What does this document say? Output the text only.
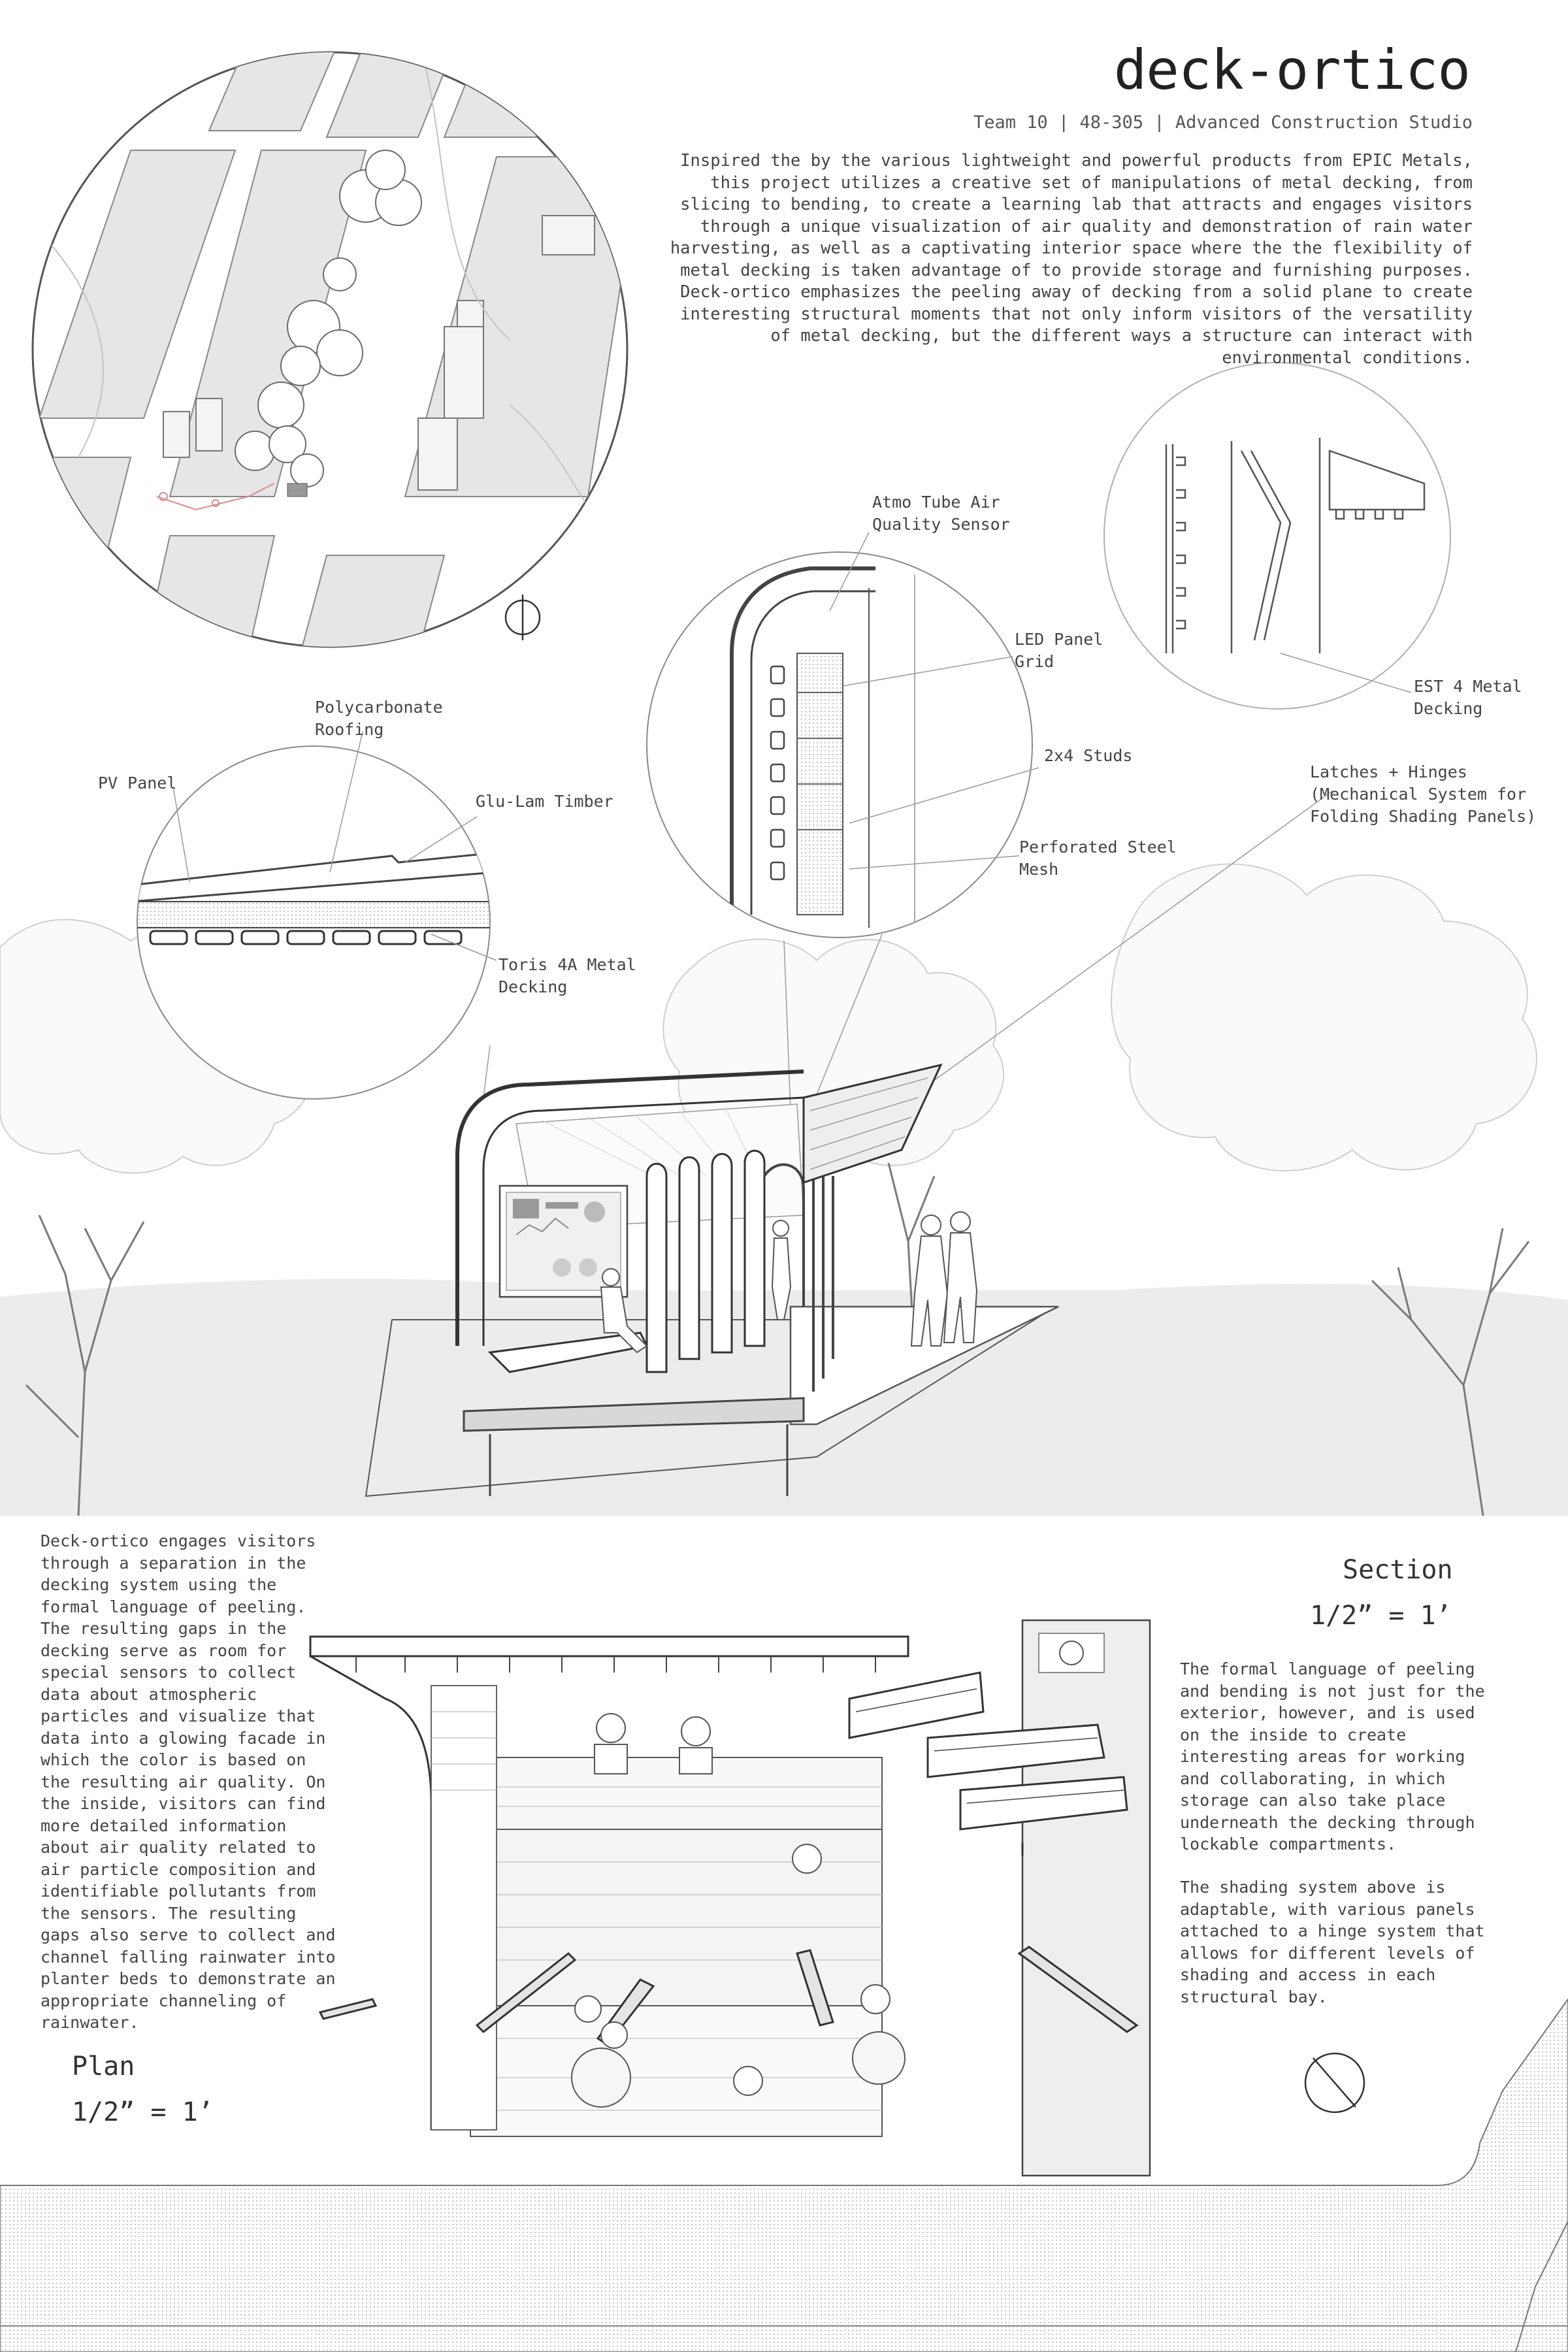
deck-ortico
Team 10 | 48-305 | Advanced Construction Studio
Inspired the by the various lightweight and powerful products from EPIC Metals, this project utilizes a creative set of manipulations of metal decking, from slicing to bending, to create a learning lab that attracts and engages visitors through a unique visualization of air quality and demonstration of rain water harvesting, as well as a captivating interior space where the the flexibility of metal decking is taken advantage of to provide storage and furnishing purposes. Deck-ortico emphasizes the peeling away of decking from a solid plane to create interesting structural moments that not only inform visitors of the versatility of metal decking, but the different ways a structure can interact with environmental conditions.
Atmo Tube Air Quality Sensor
LED Panel Grid
2x4 Studs
Perforated Steel Mesh
EST 4 Metal Decking
Latches + Hinges (Mechanical System for Folding Shading Panels)
Polycarbonate Roofing
PV Panel
Glu-Lam Timber
Toris 4A Metal Decking
Deck-ortico engages visitors through a separation in the decking system using the formal language of peeling. The resulting gaps in the decking serve as room for special sensors to collect data about atmospheric particles and visualize that data into a glowing facade in which the color is based on the resulting air quality. On the inside, visitors can find more detailed information about air quality related to air particle composition and identifiable pollutants from the sensors. The resulting gaps also serve to collect and channel falling rainwater into planter beds to demonstrate an appropriate channeling of rainwater.
The formal language of peeling and bending is not just for the exterior, however, and is used on the inside to create interesting areas for working and collaborating, in which storage can also take place underneath the decking through lockable compartments.
The shading system above is adaptable, with various panels attached to a hinge system that allows for different levels of shading and access in each structural bay.
Section
1/2” = 1’
Plan
1/2” = 1’
